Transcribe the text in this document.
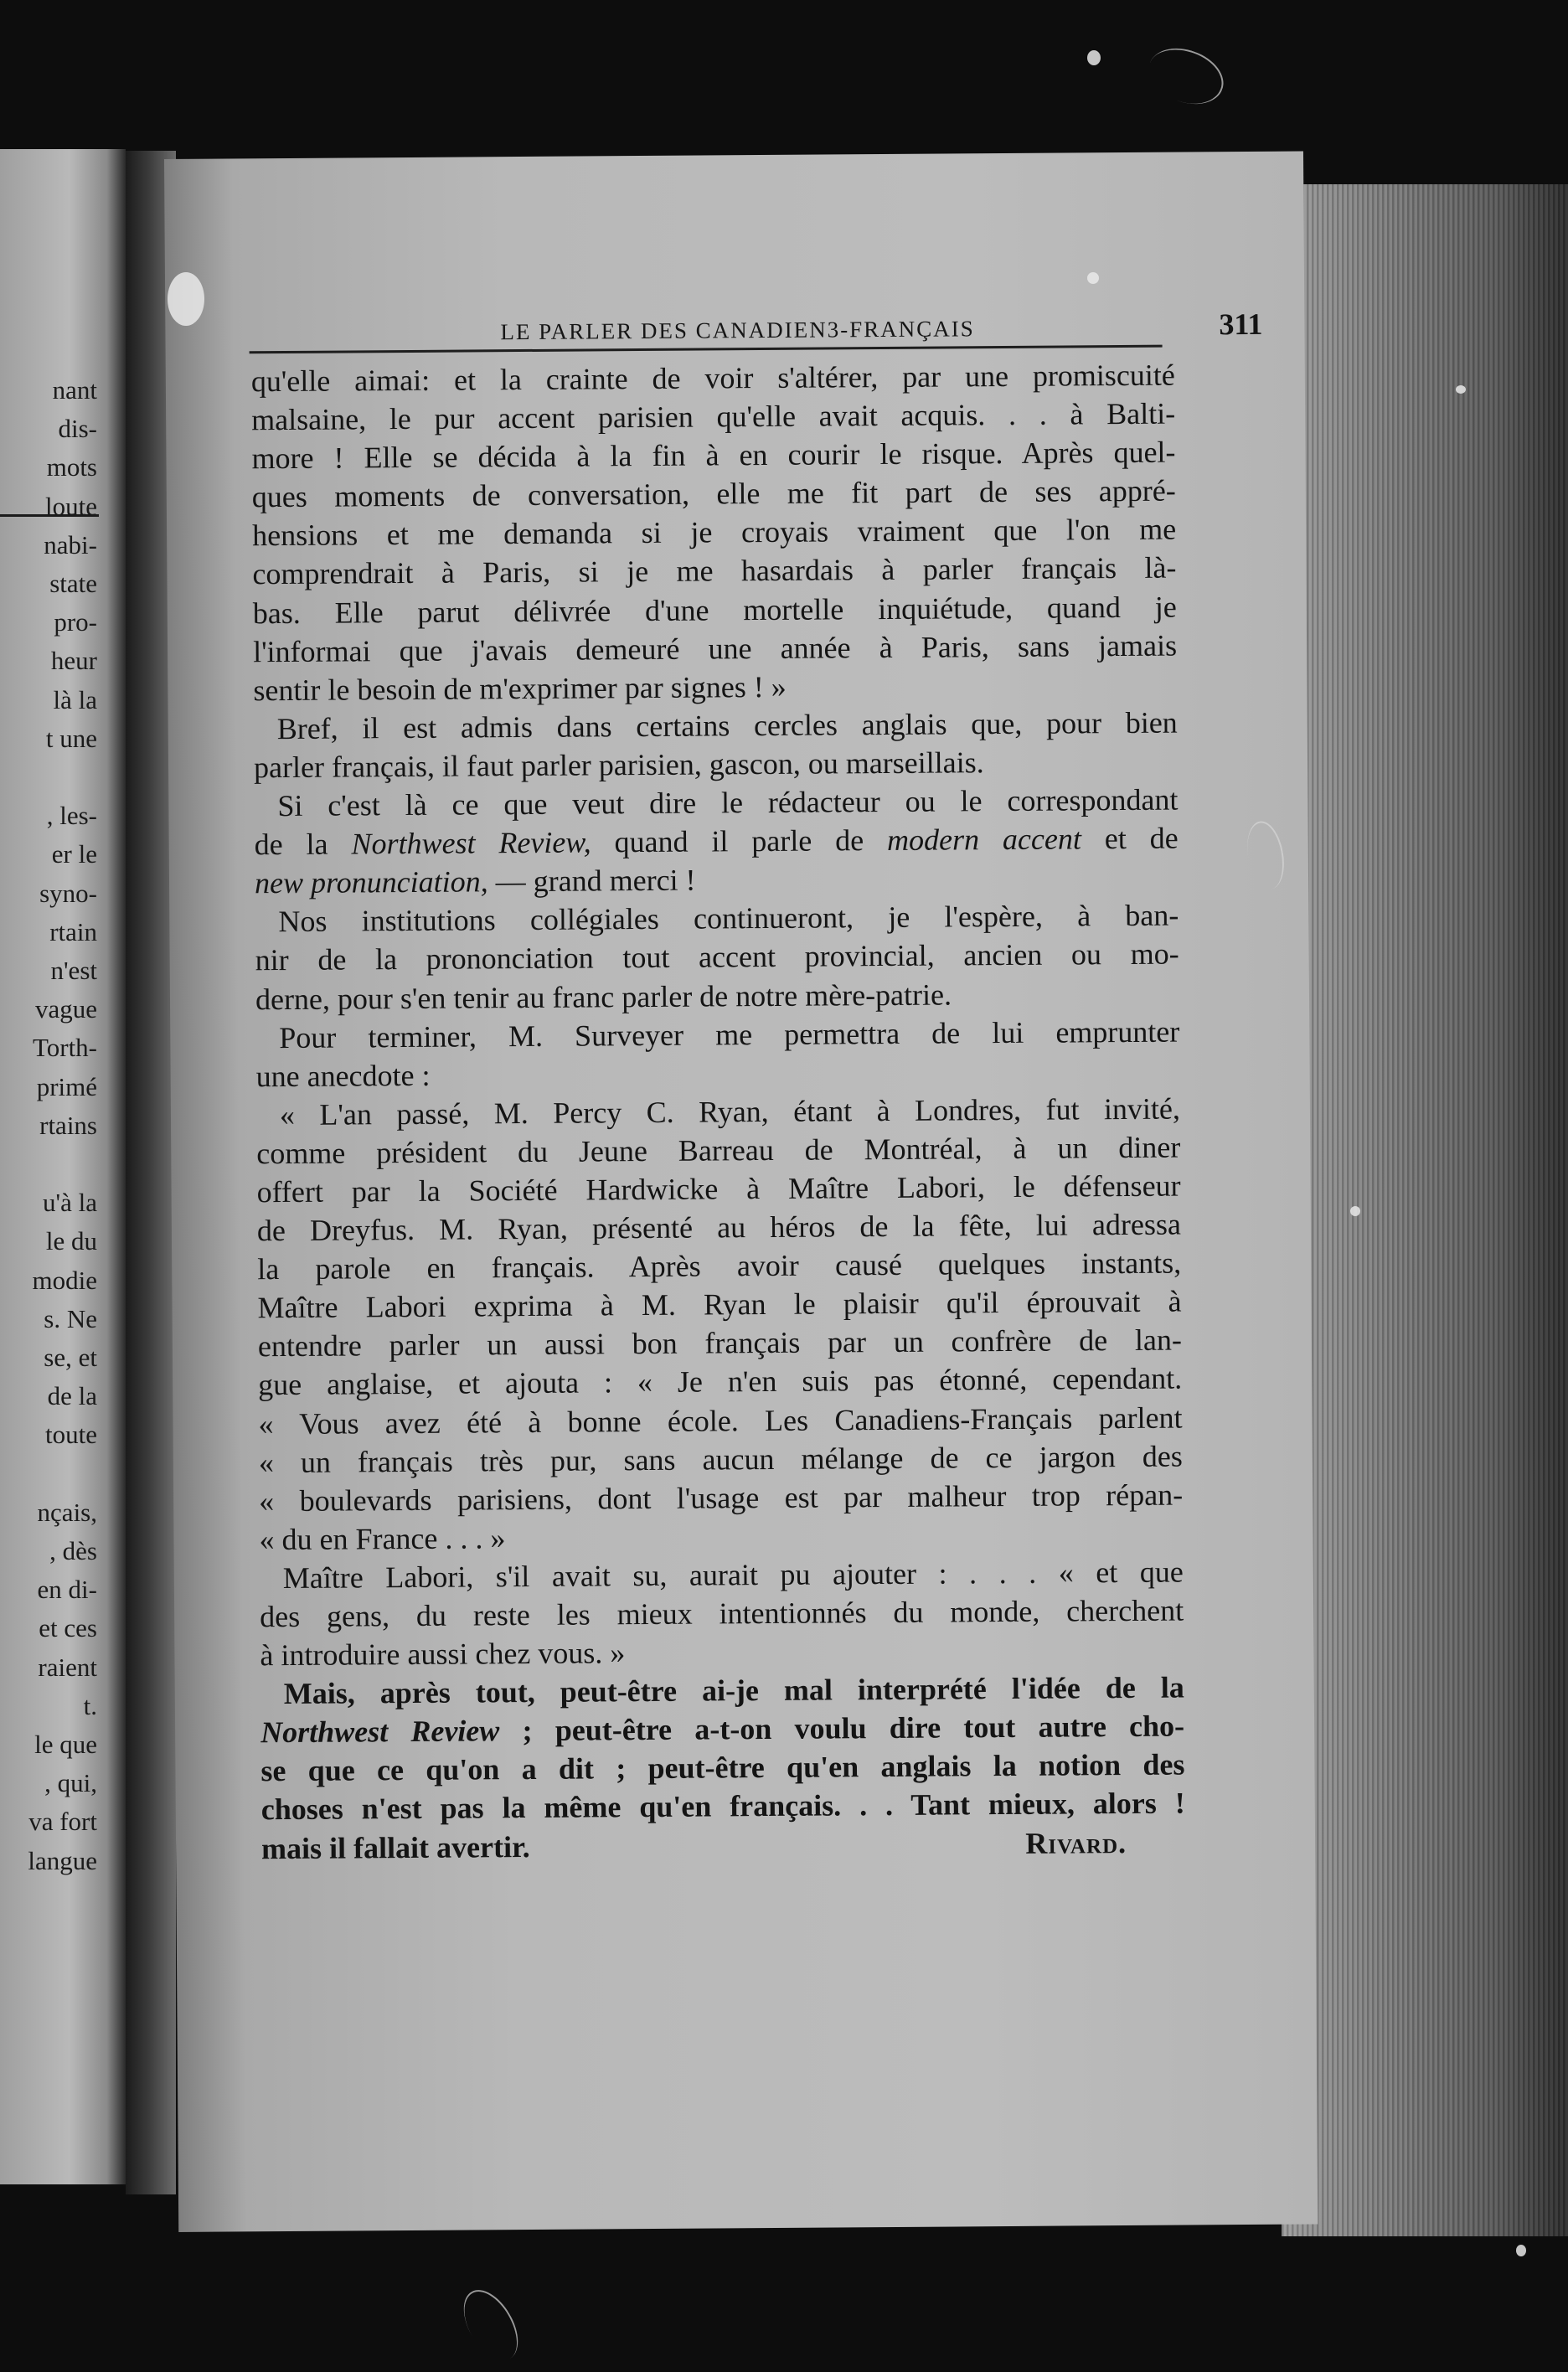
nant
dis-
mots
loute
nabi-
state
pro-
heur
là la
t une
, les-
er le
syno-
rtain
n'est
vague
Torth-
primé
rtains
u'à la
le du
modie
s. Ne
se, et
de la
toute
nçais,
, dès
en di-
et ces
raient
t.
le que
, qui,
va fort
langue
LE PARLER DES CANADIEN3-FRANÇAIS	311
qu'elle aimai: et la crainte de voir s'altérer, par une promiscuité
malsaine, le pur accent parisien qu'elle avait acquis. . . à Balti-
more ! Elle se décida à la fin à en courir le risque. Après quel-
ques moments de conversation, elle me fit part de ses appré-
hensions et me demanda si je croyais vraiment que l'on me
comprendrait à Paris, si je me hasardais à parler français là-
bas. Elle parut délivrée d'une mortelle inquiétude, quand je
l'informai que j'avais demeuré une année à Paris, sans jamais
sentir le besoin de m'exprimer par signes ! »
Bref, il est admis dans certains cercles anglais que, pour bien
parler français, il faut parler parisien, gascon, ou marseillais.
Si c'est là ce que veut dire le rédacteur ou le correspondant
de la Northwest Review, quand il parle de modern accent et de
new pronunciation, — grand merci !
Nos institutions collégiales continueront, je l'espère, à ban-
nir de la prononciation tout accent provincial, ancien ou mo-
derne, pour s'en tenir au franc parler de notre mère-patrie.
Pour terminer, M. Surveyer me permettra de lui emprunter
une anecdote :
« L'an passé, M. Percy C. Ryan, étant à Londres, fut invité,
comme président du Jeune Barreau de Montréal, à un diner
offert par la Société Hardwicke à Maître Labori, le défenseur
de Dreyfus. M. Ryan, présenté au héros de la fête, lui adressa
la parole en français. Après avoir causé quelques instants,
Maître Labori exprima à M. Ryan le plaisir qu'il éprouvait à
entendre parler un aussi bon français par un confrère de lan-
gue anglaise, et ajouta : « Je n'en suis pas étonné, cependant.
« Vous avez été à bonne école. Les Canadiens-Français parlent
« un français très pur, sans aucun mélange de ce jargon des
« boulevards parisiens, dont l'usage est par malheur trop répan-
« du en France . . . »
Maître Labori, s'il avait su, aurait pu ajouter : . . . « et que
des gens, du reste les mieux intentionnés du monde, cherchent
à introduire aussi chez vous. »
Mais, après tout, peut-être ai-je mal interprété l'idée de la
Northwest Review ; peut-être a-t-on voulu dire tout autre cho-
se que ce qu'on a dit ; peut-être qu'en anglais la notion des
choses n'est pas la même qu'en français. . . Tant mieux, alors !
mais il fallait avertir.	Rivard.
